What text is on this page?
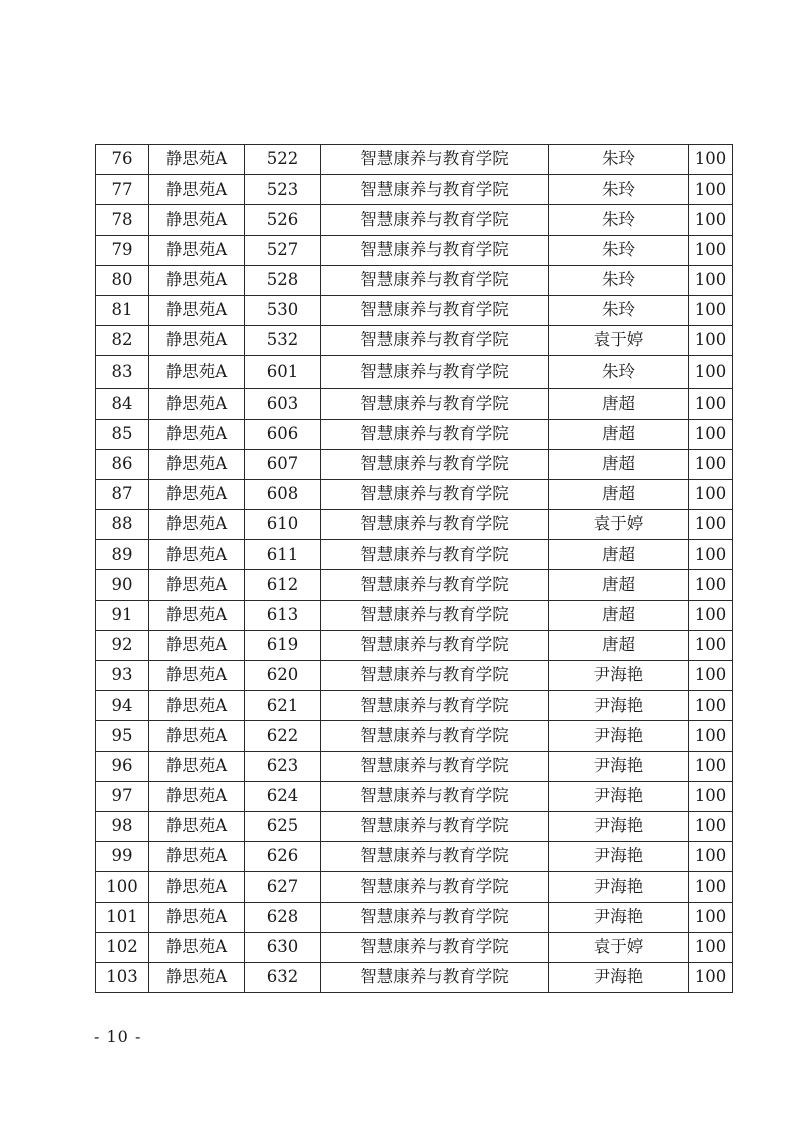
76	静思苑A	522	智慧康养与教育学院	朱玲	100
77	静思苑A	523	智慧康养与教育学院	朱玲	100
78	静思苑A	526	智慧康养与教育学院	朱玲	100
79	静思苑A	527	智慧康养与教育学院	朱玲	100
80	静思苑A	528	智慧康养与教育学院	朱玲	100
81	静思苑A	530	智慧康养与教育学院	朱玲	100
82	静思苑A	532	智慧康养与教育学院	袁于婷	100
83	静思苑A	601	智慧康养与教育学院	朱玲	100
84	静思苑A	603	智慧康养与教育学院	唐超	100
85	静思苑A	606	智慧康养与教育学院	唐超	100
86	静思苑A	607	智慧康养与教育学院	唐超	100
87	静思苑A	608	智慧康养与教育学院	唐超	100
88	静思苑A	610	智慧康养与教育学院	袁于婷	100
89	静思苑A	611	智慧康养与教育学院	唐超	100
90	静思苑A	612	智慧康养与教育学院	唐超	100
91	静思苑A	613	智慧康养与教育学院	唐超	100
92	静思苑A	619	智慧康养与教育学院	唐超	100
93	静思苑A	620	智慧康养与教育学院	尹海艳	100
94	静思苑A	621	智慧康养与教育学院	尹海艳	100
95	静思苑A	622	智慧康养与教育学院	尹海艳	100
96	静思苑A	623	智慧康养与教育学院	尹海艳	100
97	静思苑A	624	智慧康养与教育学院	尹海艳	100
98	静思苑A	625	智慧康养与教育学院	尹海艳	100
99	静思苑A	626	智慧康养与教育学院	尹海艳	100
100	静思苑A	627	智慧康养与教育学院	尹海艳	100
101	静思苑A	628	智慧康养与教育学院	尹海艳	100
102	静思苑A	630	智慧康养与教育学院	袁于婷	100
103	静思苑A	632	智慧康养与教育学院	尹海艳	100
- 10 -
